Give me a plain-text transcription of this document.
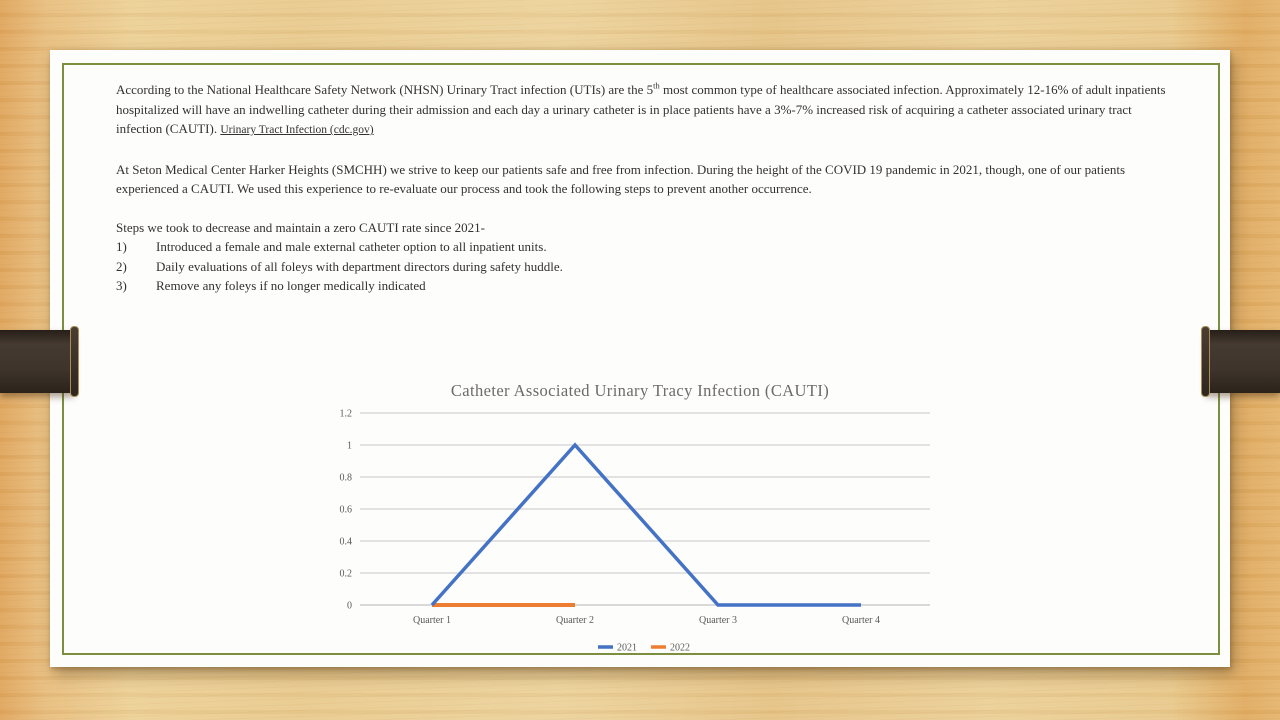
According to the National Healthcare Safety Network (NHSN) Urinary Tract infection (UTIs) are the 5th most common type of healthcare associated infection. Approximately 12-16% of adult inpatients hospitalized will have an indwelling catheter during their admission and each day a urinary catheter is in place patients have a 3%-7% increased risk of acquiring a catheter associated urinary tract infection (CAUTI). Urinary Tract Infection (cdc.gov)
At Seton Medical Center Harker Heights (SMCHH) we strive to keep our patients safe and free from infection. During the height of the COVID 19 pandemic in 2021, though, one of our patients experienced a CAUTI. We used this experience to re-evaluate our process and took the following steps to prevent another occurrence.
Steps we took to decrease and maintain a zero CAUTI rate since 2021-
1)	Introduced a female and male external catheter option to all inpatient units.
2)	Daily evaluations of all foleys with department directors during safety huddle.
3)	Remove any foleys if no longer medically indicated
Catheter Associated Urinary Tracy Infection (CAUTI)
0
0.2
0.4
0.6
0.8
1
1.2
Quarter 1	Quarter 2	Quarter 3	Quarter 4
2021	2022
